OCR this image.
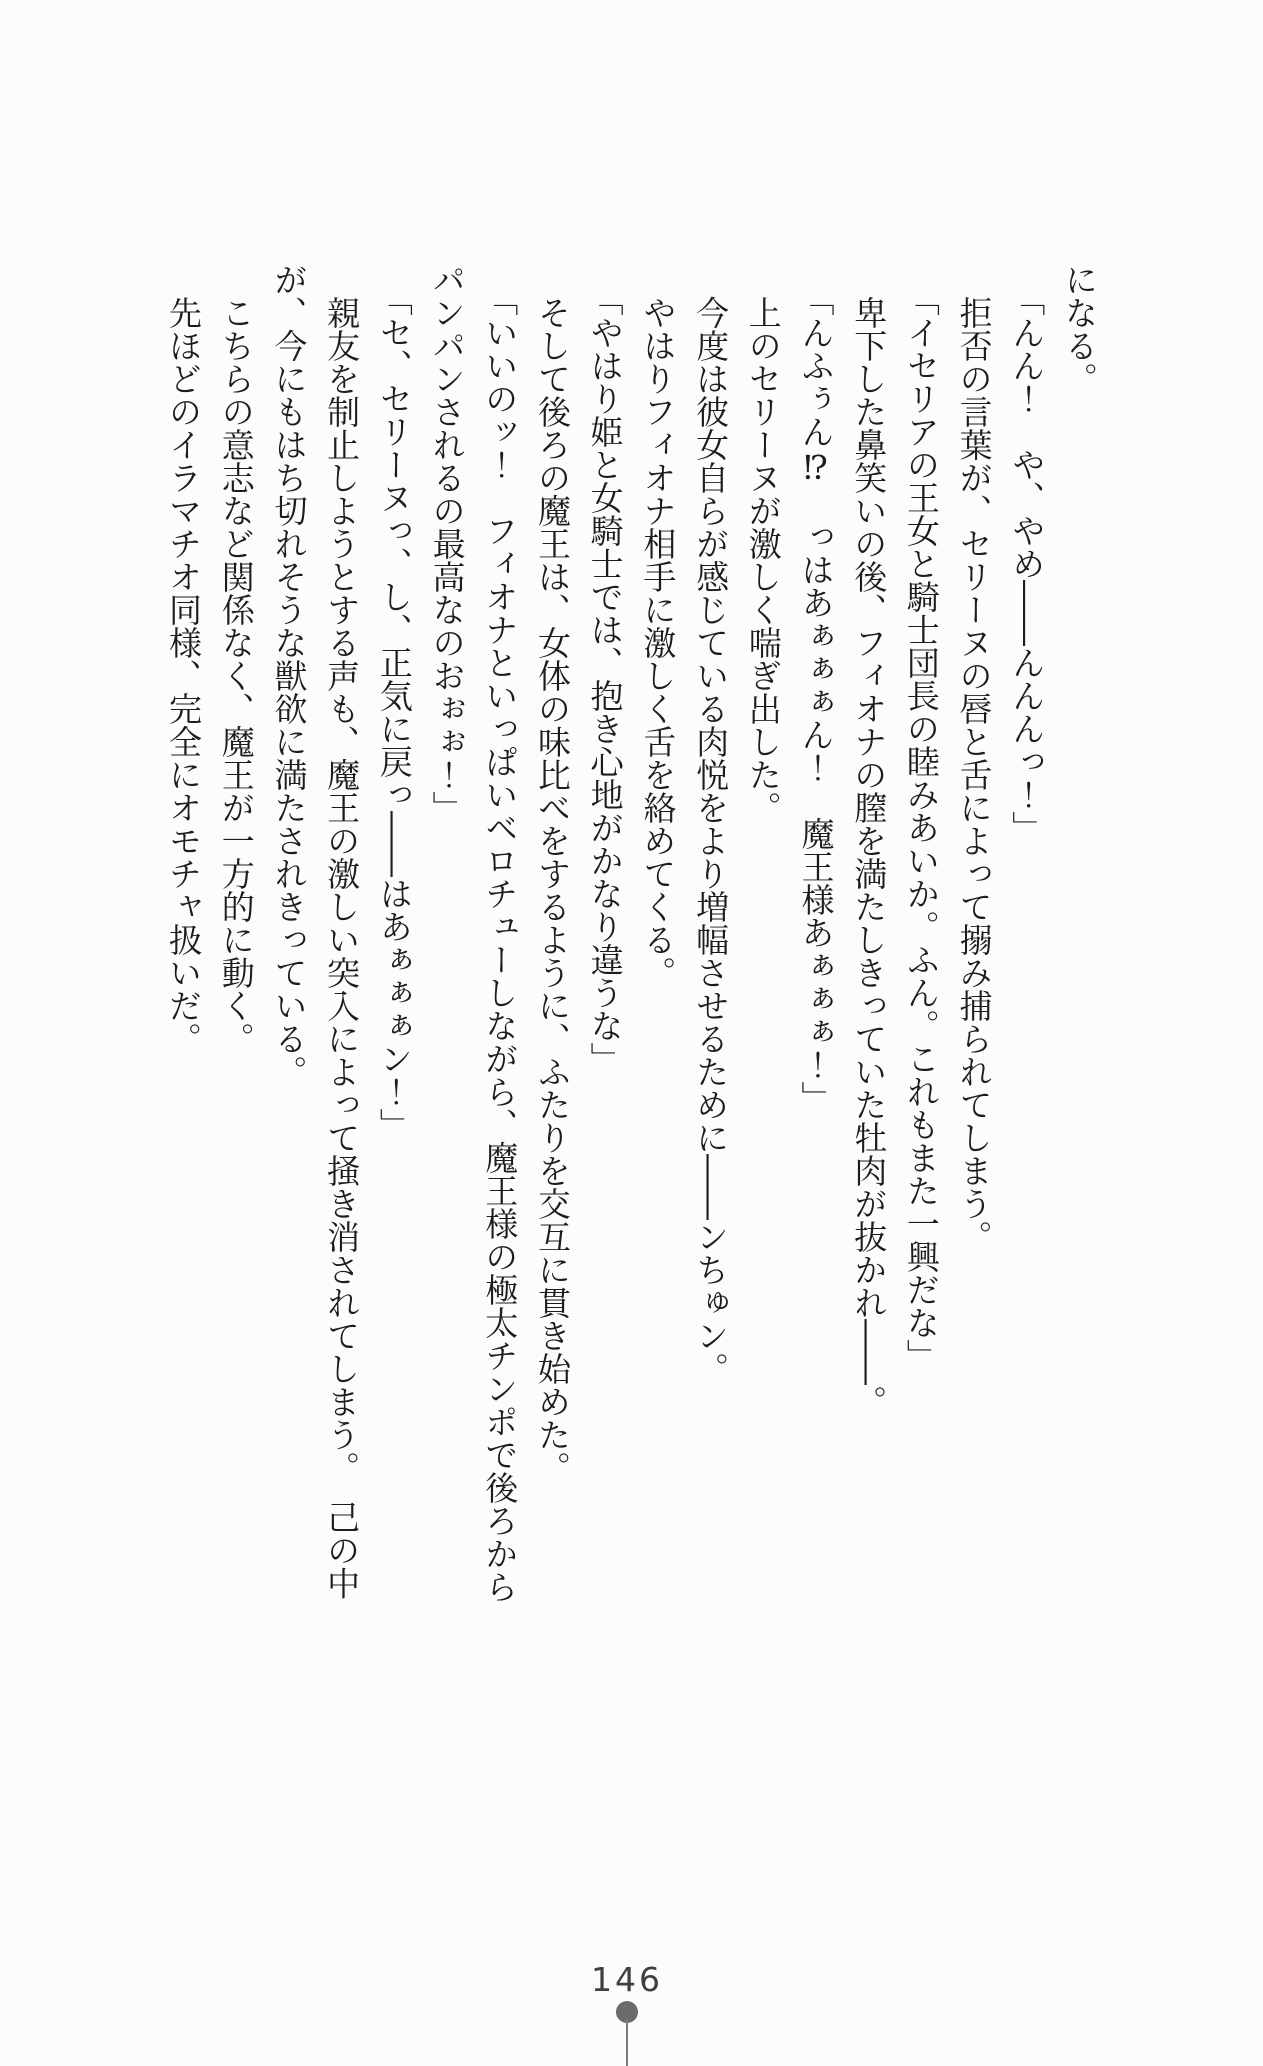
になる。

「んん！　や、やめ――んんんっ！」

　拒否の言葉が、セリーヌの唇と舌によって搦み捕られてしまう。

「イセリアの王女と騎士団長の睦みあいか。ふん。これもまた一興だな」

　卑下した鼻笑いの後、フィオナの膣を満たしきっていた牡肉が抜かれ――。

「んふぅん⁉　っはあぁぁぁん！　魔王様あぁぁぁ！」

　上のセリーヌが激しく喘ぎ出した。

　今度は彼女自らが感じている肉悦をより増幅させるために――ンちゅン。

　やはりフィオナ相手に激しく舌を絡めてくる。

「やはり姫と女騎士では、抱き心地がかなり違うな」

　そして後ろの魔王は、女体の味比べをするように、ふたりを交互に貫き始めた。

「いいのッ！　フィオナといっぱいベロチューしながら、魔王様の極太チンポで後ろから

パンパンされるの最高なのおぉぉ！」

「セ、セリーヌっ、し、正気に戻っ――はあぁぁぁン！」

　親友を制止しようとする声も、魔王の激しい突入によって掻き消されてしまう。　己の中

が、今にもはち切れそうな獣欲に満たされきっている。

　こちらの意志など関係なく、魔王が一方的に動く。

　先ほどのイラマチオ同様、完全にオモチャ扱いだ。

146
